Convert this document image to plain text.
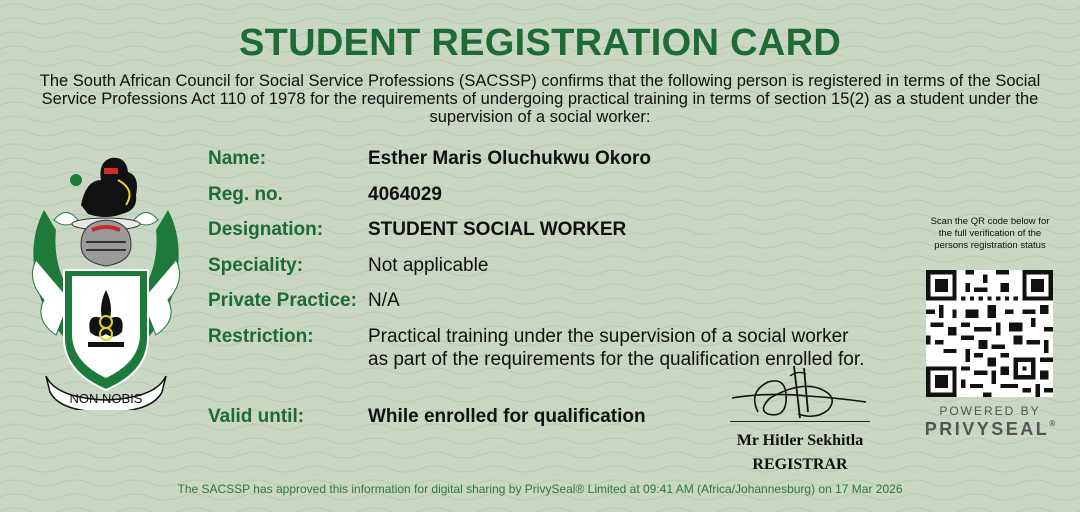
STUDENT REGISTRATION CARD
The South African Council for Social Service Professions (SACSSP) confirms that the following person is registered in terms of the Social Service Professions Act 110 of 1978 for the requirements of undergoing practical training in terms of section 15(2) as a student under the supervision of a social worker:
NON NOBIS
Name:	Esther Maris Oluchukwu Okoro
Reg. no.	4064029
Designation: STUDENT SOCIAL WORKER
Speciality:	Not applicable
Private Practice: N/A
Restriction:	Practical training under the supervision of a social worker
as part of the requirements for the qualification enrolled for.
Valid until:	While enrolled for qualification
Mr Hitler Sekhitla
REGISTRAR
Scan the QR code below for
the full verification of the
persons registration status
POWERED BY
PRIVYSEAL®
The SACSSP has approved this information for digital sharing by PrivySeal® Limited at 09:41 AM (Africa/Johannesburg) on 17 Mar 2026
